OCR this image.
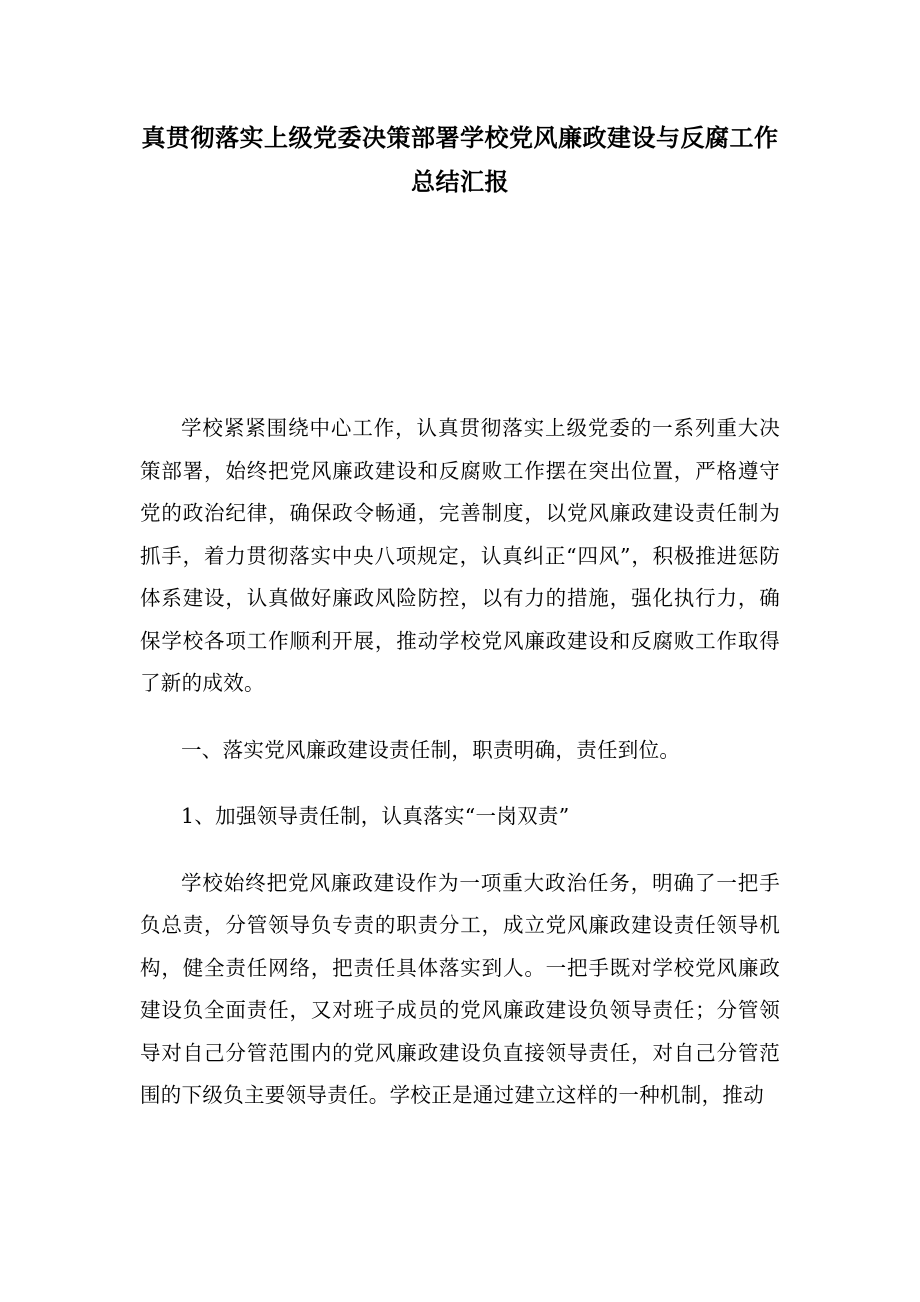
真贯彻落实上级党委决策部署学校党风廉政建设与反腐工作总结汇报

学校紧紧围绕中心工作，认真贯彻落实上级党委的一系列重大决策部署，始终把党风廉政建设和反腐败工作摆在突出位置，严格遵守党的政治纪律，确保政令畅通，完善制度，以党风廉政建设责任制为抓手，着力贯彻落实中央八项规定，认真纠正“四风”，积极推进惩防体系建设，认真做好廉政风险防控，以有力的措施，强化执行力，确保学校各项工作顺利开展，推动学校党风廉政建设和反腐败工作取得了新的成效。

一、落实党风廉政建设责任制，职责明确，责任到位。

1、加强领导责任制，认真落实“一岗双责”

学校始终把党风廉政建设作为一项重大政治任务，明确了一把手负总责，分管领导负专责的职责分工，成立党风廉政建设责任领导机构，健全责任网络，把责任具体落实到人。一把手既对学校党风廉政建设负全面责任，又对班子成员的党风廉政建设负领导责任；分管领导对自己分管范围内的党风廉政建设负直接领导责任，对自己分管范围的下级负主要领导责任。学校正是通过建立这样的一种机制，推动
